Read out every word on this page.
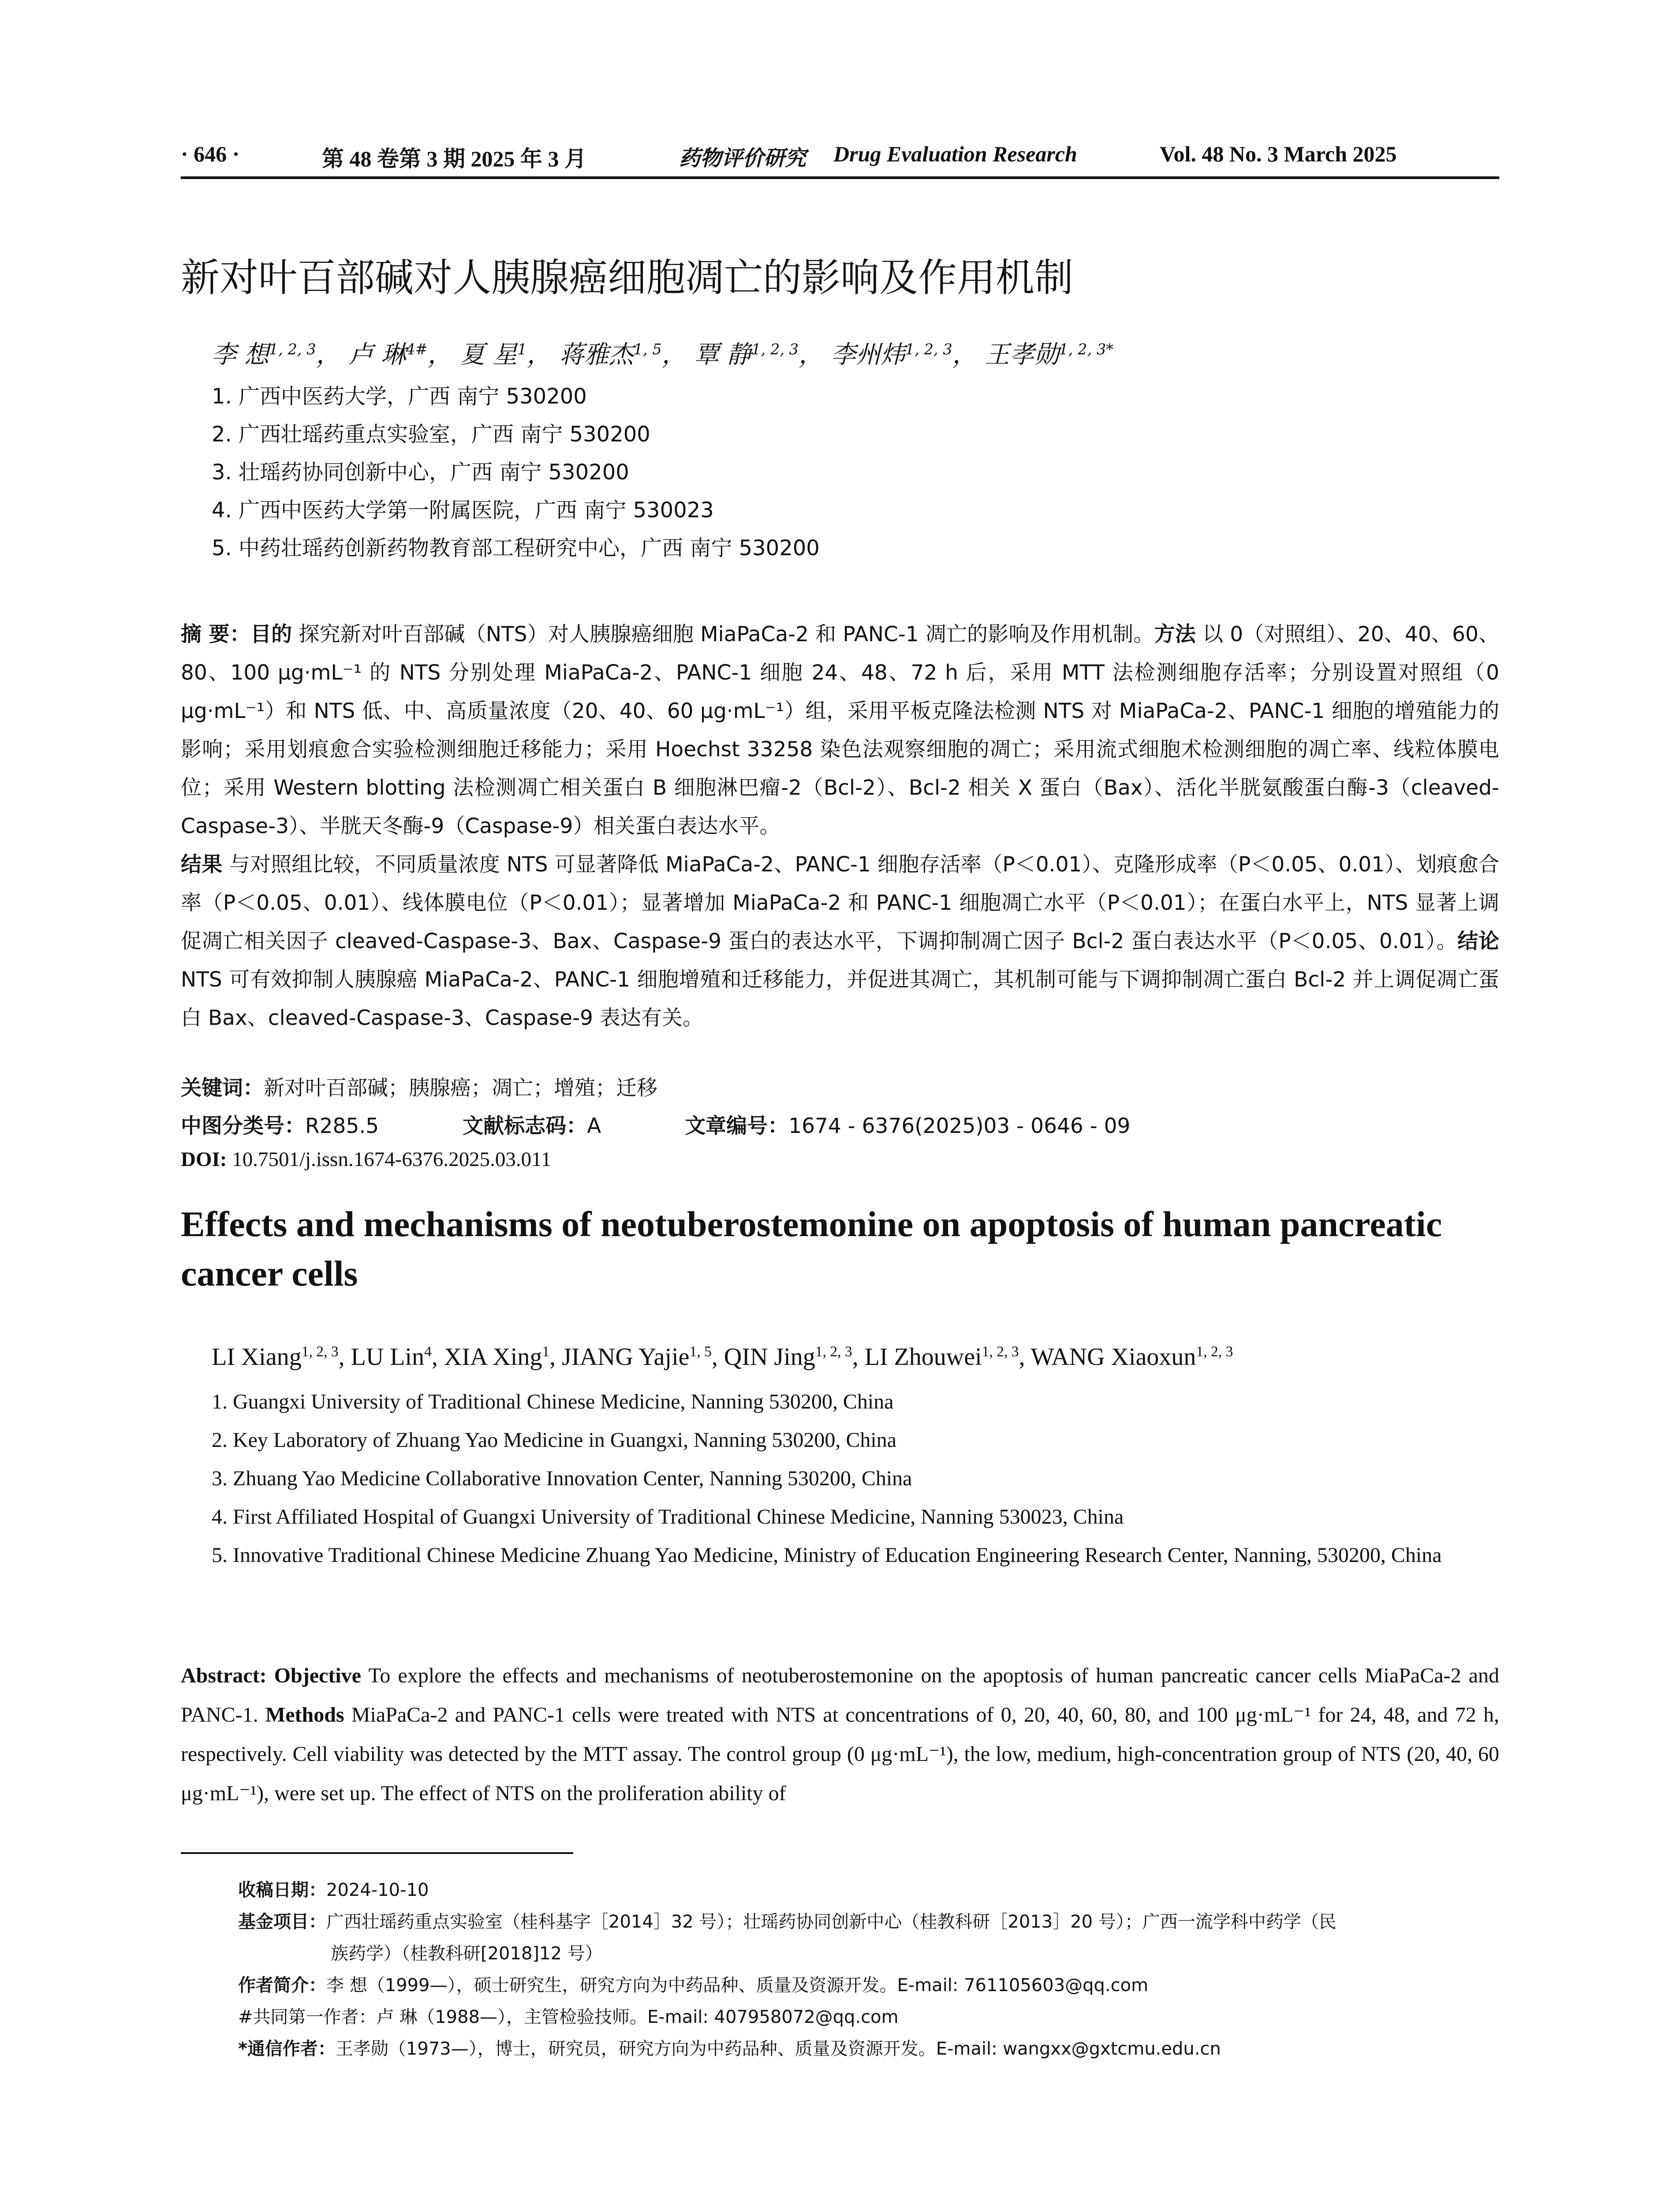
· 646 ·	第 48 卷第 3 期 2025 年 3 月	药物评价研究 Drug Evaluation Research	Vol. 48 No. 3 March 2025
新对叶百部碱对人胰腺癌细胞凋亡的影响及作用机制
李 想$^{1, 2, 3}$， 卢 琳$^{4\#}$， 夏 星$^1$， 蒋雅杰$^{1, 5}$， 覃 静$^{1, 2, 3}$， 李州炜$^{1, 2, 3}$， 王孝勋$^{1, 2, 3*}$
1. 广西中医药大学，广西 南宁 530200
2. 广西壮瑶药重点实验室，广西 南宁 530200
3. 壮瑶药协同创新中心，广西 南宁 530200
4. 广西中医药大学第一附属医院，广西 南宁 530023
5. 中药壮瑶药创新药物教育部工程研究中心，广西 南宁 530200
摘 要：目的 探究新对叶百部碱（NTS）对人胰腺癌细胞 MiaPaCa-2 和 PANC-1 凋亡的影响及作用机制。方法 以 0（对照组）、20、40、60、80、100 μg·mL⁻¹ 的 NTS 分别处理 MiaPaCa-2、PANC-1 细胞 24、48、72 h 后，采用 MTT 法检测细胞存活率；分别设置对照组（0 μg·mL⁻¹）和 NTS 低、中、高质量浓度（20、40、60 μg·mL⁻¹）组，采用平板克隆法检测 NTS 对 MiaPaCa-2、PANC-1 细胞的增殖能力的影响；采用划痕愈合实验检测细胞迁移能力；采用 Hoechst 33258 染色法观察细胞的凋亡；采用流式细胞术检测细胞的凋亡率、线粒体膜电位；采用 Western blotting 法检测凋亡相关蛋白 B 细胞淋巴瘤-2（Bcl-2）、Bcl-2 相关 X 蛋白（Bax）、活化半胱氨酸蛋白酶-3（cleaved-Caspase-3）、半胱天冬酶-9（Caspase-9）相关蛋白表达水平。
结果 与对照组比较，不同质量浓度 NTS 可显著降低 MiaPaCa-2、PANC-1 细胞存活率（P＜0.01）、克隆形成率（P＜0.05、0.01）、划痕愈合率（P＜0.05、0.01）、线体膜电位（P＜0.01）；显著增加 MiaPaCa-2 和 PANC-1 细胞凋亡水平（P＜0.01）；在蛋白水平上，NTS 显著上调促凋亡相关因子 cleaved-Caspase-3、Bax、Caspase-9 蛋白的表达水平，下调抑制凋亡因子 Bcl-2 蛋白表达水平（P＜0.05、0.01）。结论 NTS 可有效抑制人胰腺癌 MiaPaCa-2、PANC-1 细胞增殖和迁移能力，并促进其凋亡，其机制可能与下调抑制凋亡蛋白 Bcl-2 并上调促凋亡蛋白 Bax、cleaved-Caspase-3、Caspase-9 表达有关。
关键词：新对叶百部碱；胰腺癌；凋亡；增殖；迁移
中图分类号：R285.5	文献标志码：A	文章编号：1674 - 6376(2025)03 - 0646 - 09
DOI: 10.7501/j.issn.1674-6376.2025.03.011
Effects and mechanisms of neotuberostemonine on apoptosis of human pancreatic cancer cells
LI Xiang$^{1, 2, 3}$, LU Lin$^4$, XIA Xing$^1$, JIANG Yajie$^{1, 5}$, QIN Jing$^{1, 2, 3}$, LI Zhouwei$^{1, 2, 3}$, WANG Xiaoxun$^{1, 2, 3}$
1. Guangxi University of Traditional Chinese Medicine, Nanning 530200, China
2. Key Laboratory of Zhuang Yao Medicine in Guangxi, Nanning 530200, China
3. Zhuang Yao Medicine Collaborative Innovation Center, Nanning 530200, China
4. First Affiliated Hospital of Guangxi University of Traditional Chinese Medicine, Nanning 530023, China
5. Innovative Traditional Chinese Medicine Zhuang Yao Medicine, Ministry of Education Engineering Research Center, Nanning, 530200, China
Abstract: Objective To explore the effects and mechanisms of neotuberostemonine on the apoptosis of human pancreatic cancer cells MiaPaCa-2 and PANC-1. Methods MiaPaCa-2 and PANC-1 cells were treated with NTS at concentrations of 0, 20, 40, 60, 80, and 100 μg·mL⁻¹ for 24, 48, and 72 h, respectively. Cell viability was detected by the MTT assay. The control group (0 μg·mL⁻¹), the low, medium, high-concentration group of NTS (20, 40, 60 μg·mL⁻¹), were set up. The effect of NTS on the proliferation ability of

收稿日期：2024-10-10

基金项目：广西壮瑶药重点实验室（桂科基字［2014］32 号）；壮瑶药协同创新中心（桂教科研［2013］20 号）；广西一流学科中药学（民

族药学）（桂教科研[2018]12 号）

作者简介：李 想（1999—），硕士研究生，研究方向为中药品种、质量及资源开发。E-mail: 761105603@qq.com

#共同第一作者：卢 琳（1988—），主管检验技师。E-mail: 407958072@qq.com

*通信作者：王孝勋（1973—），博士，研究员，研究方向为中药品种、质量及资源开发。E-mail: wangxx@gxtcmu.edu.cn
